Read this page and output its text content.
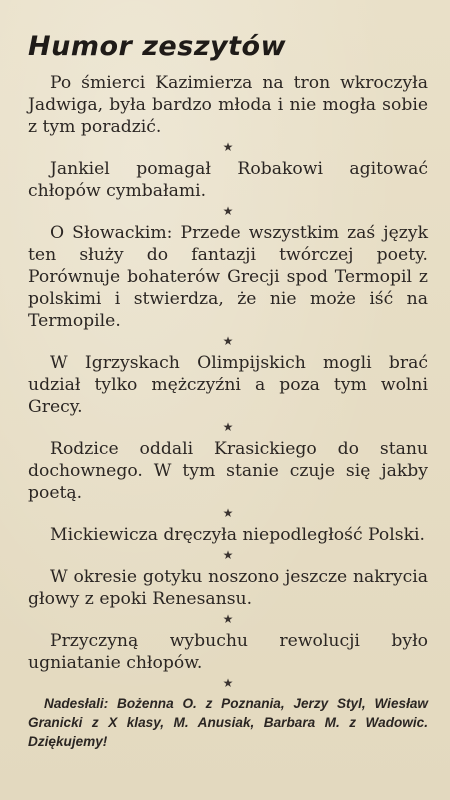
Humor zeszytów

Po śmierci Kazimierza na tron wkroczyła Jadwiga, była bardzo młoda i nie mogła sobie z tym poradzić.

★

Jankiel pomagał Robakowi agitować chłopów cymbałami.

★

O Słowackim: Przede wszystkim zaś język ten służy do fantazji twórczej poety. Porównuje bohaterów Grecji spod Termopil z polskimi i stwierdza, że nie może iść na Termopile.

★

W Igrzyskach Olimpijskich mogli brać udział tylko mężczyźni a poza tym wolni Grecy.

★

Rodzice oddali Krasickiego do stanu dochownego. W tym stanie czuje się jakby poetą.

★

Mickiewicza dręczyła niepodległość Polski.

★

W okresie gotyku noszono jeszcze nakrycia głowy z epoki Renesansu.

★

Przyczyną wybuchu rewolucji było ugniatanie chłopów.

★

Nadesłali: Bożenna O. z Poznania, Jerzy Styl, Wiesław Granicki z X klasy, M. Anusiak, Barbara M. z Wadowic. Dziękujemy!
